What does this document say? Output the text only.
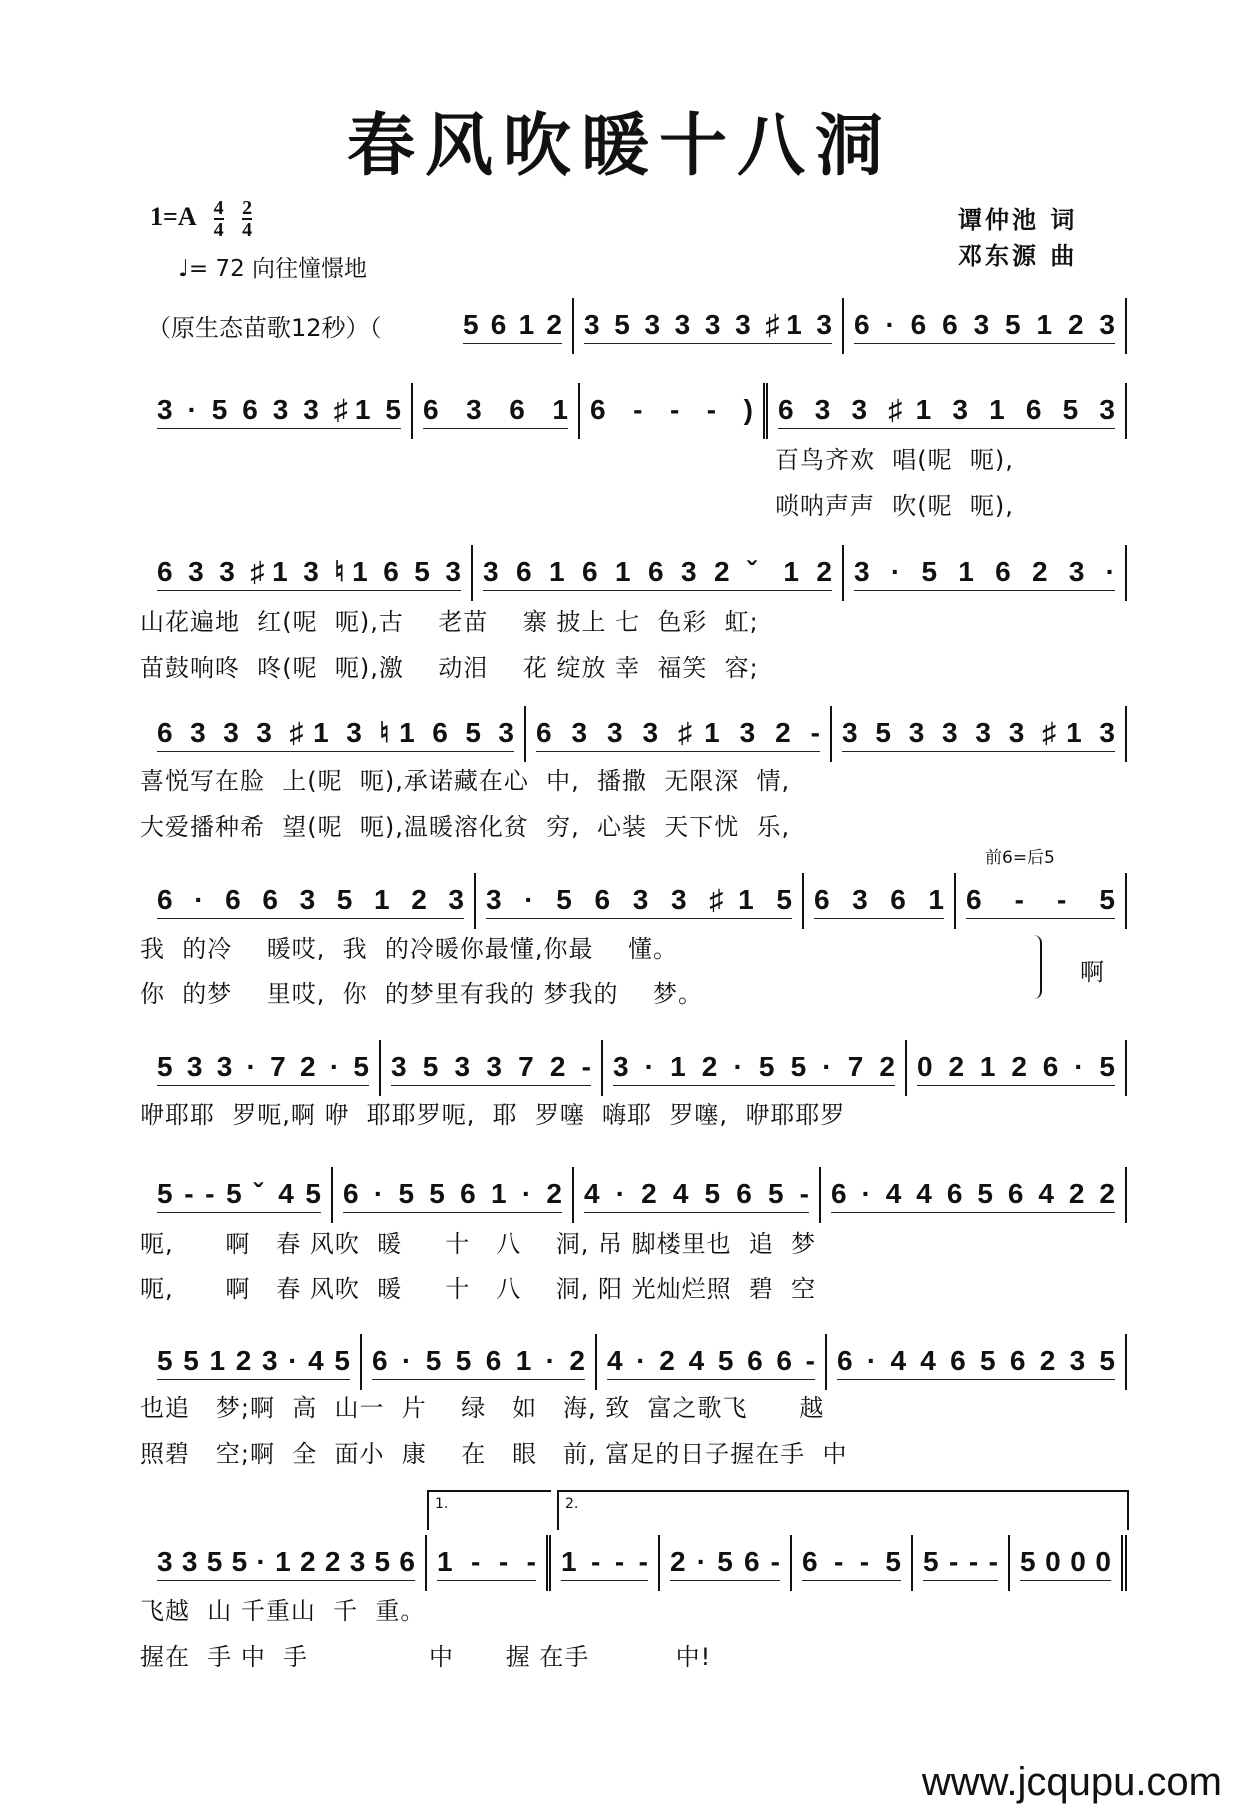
春风吹暖十八洞
$1=A \frac{4}{4}$
$\frac{2}{4}$
♩= 72 向往憧憬地
谭仲池 词
邓东源 曲
（原生态苗歌12秒）（	5 6 1 2 3 5 3 3 3 3 ♯1 3 6 · 6 6 3 5 1 2 3
3 · 5 6 3 3 ♯1 5 6 3 6 1 6 - - - ) 6 3 3 ♯1 3 1 6 5 3
百鸟齐欢  唱(呢  呃),
唢呐声声  吹(呢  呃),
6 3 3 ♯1 3 ♮1 6 5 3 3 6 1 6 1 6 3 2 ˇ 1 2 3 · 5 1 6 2 3 ·
山花遍地  红(呢  呃),古    老苗    寨 披上 七  色彩  虹;
苗鼓响咚  咚(呢  呃),激    动泪    花 绽放 幸  福笑  容;
6 3 3 3 ♯1 3 ♮1 6 5 3 6 3 3 3 ♯1 3 2 - 3 5 3 3 3 3 ♯1 3
喜悦写在脸  上(呢  呃),承诺藏在心  中,  播撒  无限深  情,
大爱播种希  望(呢  呃),温暖溶化贫  穷,  心装  天下忧  乐,
前6=后5
6 · 6 6 3 5 1 2 3 3 · 5 6 3 3 ♯1 5 6 3 6 1 6 - - 5
我  的冷    暖哎,  我  的冷暖你最懂,你最    懂。
你  的梦    里哎,  你  的梦里有我的 梦我的    梦。
啊
5 3 3 · 7 2 · 5 3 5 3 3 7 2 - 3 · 1 2 · 5 5 · 7 2 0 2 1 2 6 · 5
咿耶耶  罗呃,啊 咿  耶耶罗呃,  耶  罗噻  嗨耶  罗噻,  咿耶耶罗
5 - - 5 ˇ 4 5 6 · 5 5 6 1 · 2 4 · 2 4 5 6 5 - 6 · 4 4 6 5 6 4 2 2
呃,      啊   春 风吹  暖     十   八    洞, 吊 脚楼里也  追  梦
呃,      啊   春 风吹  暖     十   八    洞, 阳 光灿烂照  碧  空
5 5 1 2 3 · 4 5 6 · 5 5 6 1 · 2 4 · 2 4 5 6 6 - 6 · 4 4 6 5 6 2 3 5
也追   梦;啊  高  山一  片    绿   如   海, 致  富之歌飞      越
照碧   空;啊  全  面小  康    在   眼   前, 富足的日子握在手  中
1.	2.
3 3 5 5 · 1 2 2 3 5 6 1 - - - 1 - - - 2 · 5 6 - 6 - - 5 5 - - - 5 0 0 0
飞越  山 千重山  千  重。
握在  手 中  手              中      握 在手          中!
www.jcqupu.com
